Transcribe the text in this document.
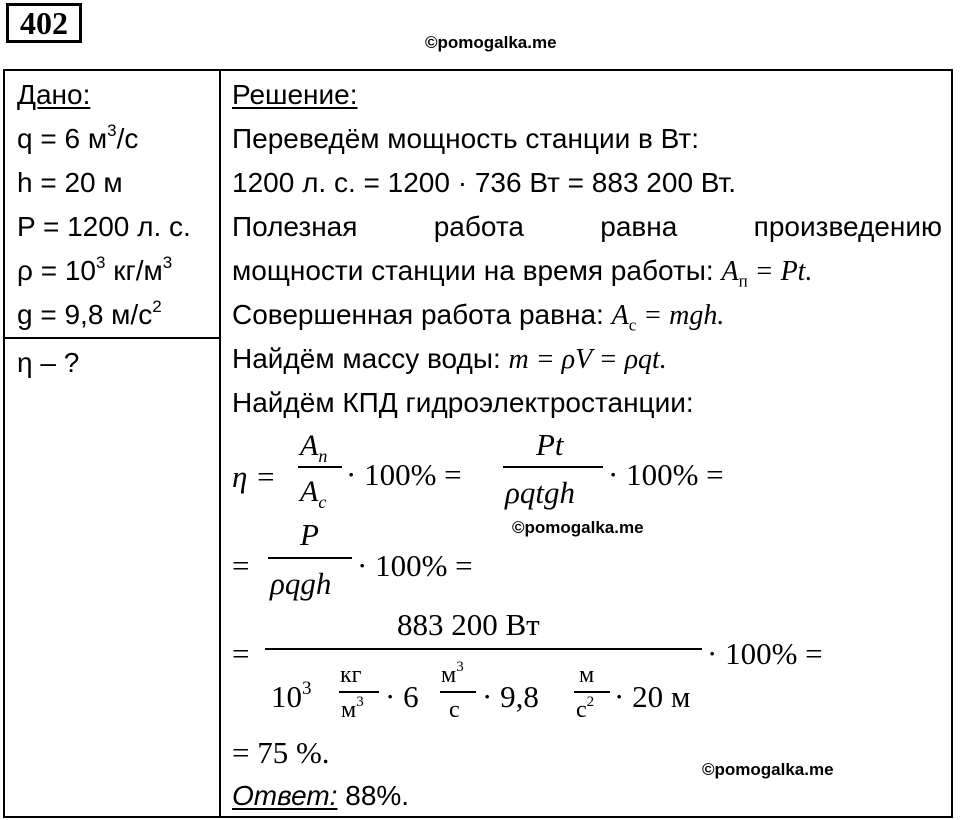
402
©pomogalka.me
Дано:
q = 6 $м^3/с$
h = 20 м
P = 1200 л. с.
$\rho = 10^3$ $кг/м^3$
g = 9,8 $м/с^2$
η – ?
Решение:
Переведём мощность станции в Вт:
1200 л. с. = 1200 · 736 Вт = 883 200 Вт.
Полезная	работа	равна	произведению
мощности станции на время работы: $A_п = Pt$.
Совершенная работа равна: $A_с$ = mgh.
Найдём массу воды: m = ρV = ρqt.
Найдём КПД гидроэлектростанции:
η =
$A_п$
$A_с$
· 100% =
Pt
ρqtgh
· 100% =
©pomogalka.me
=
P
ρqgh
· 100% =
=
883 200 Вт
$10^3$
кг
$м^3 \cdot 6$
$м^3$
с · 9,8
м
$с^2 \cdot 20$ м
· 100% =
= 75 %.	©pomogalka.me
Ответ: 88%.
